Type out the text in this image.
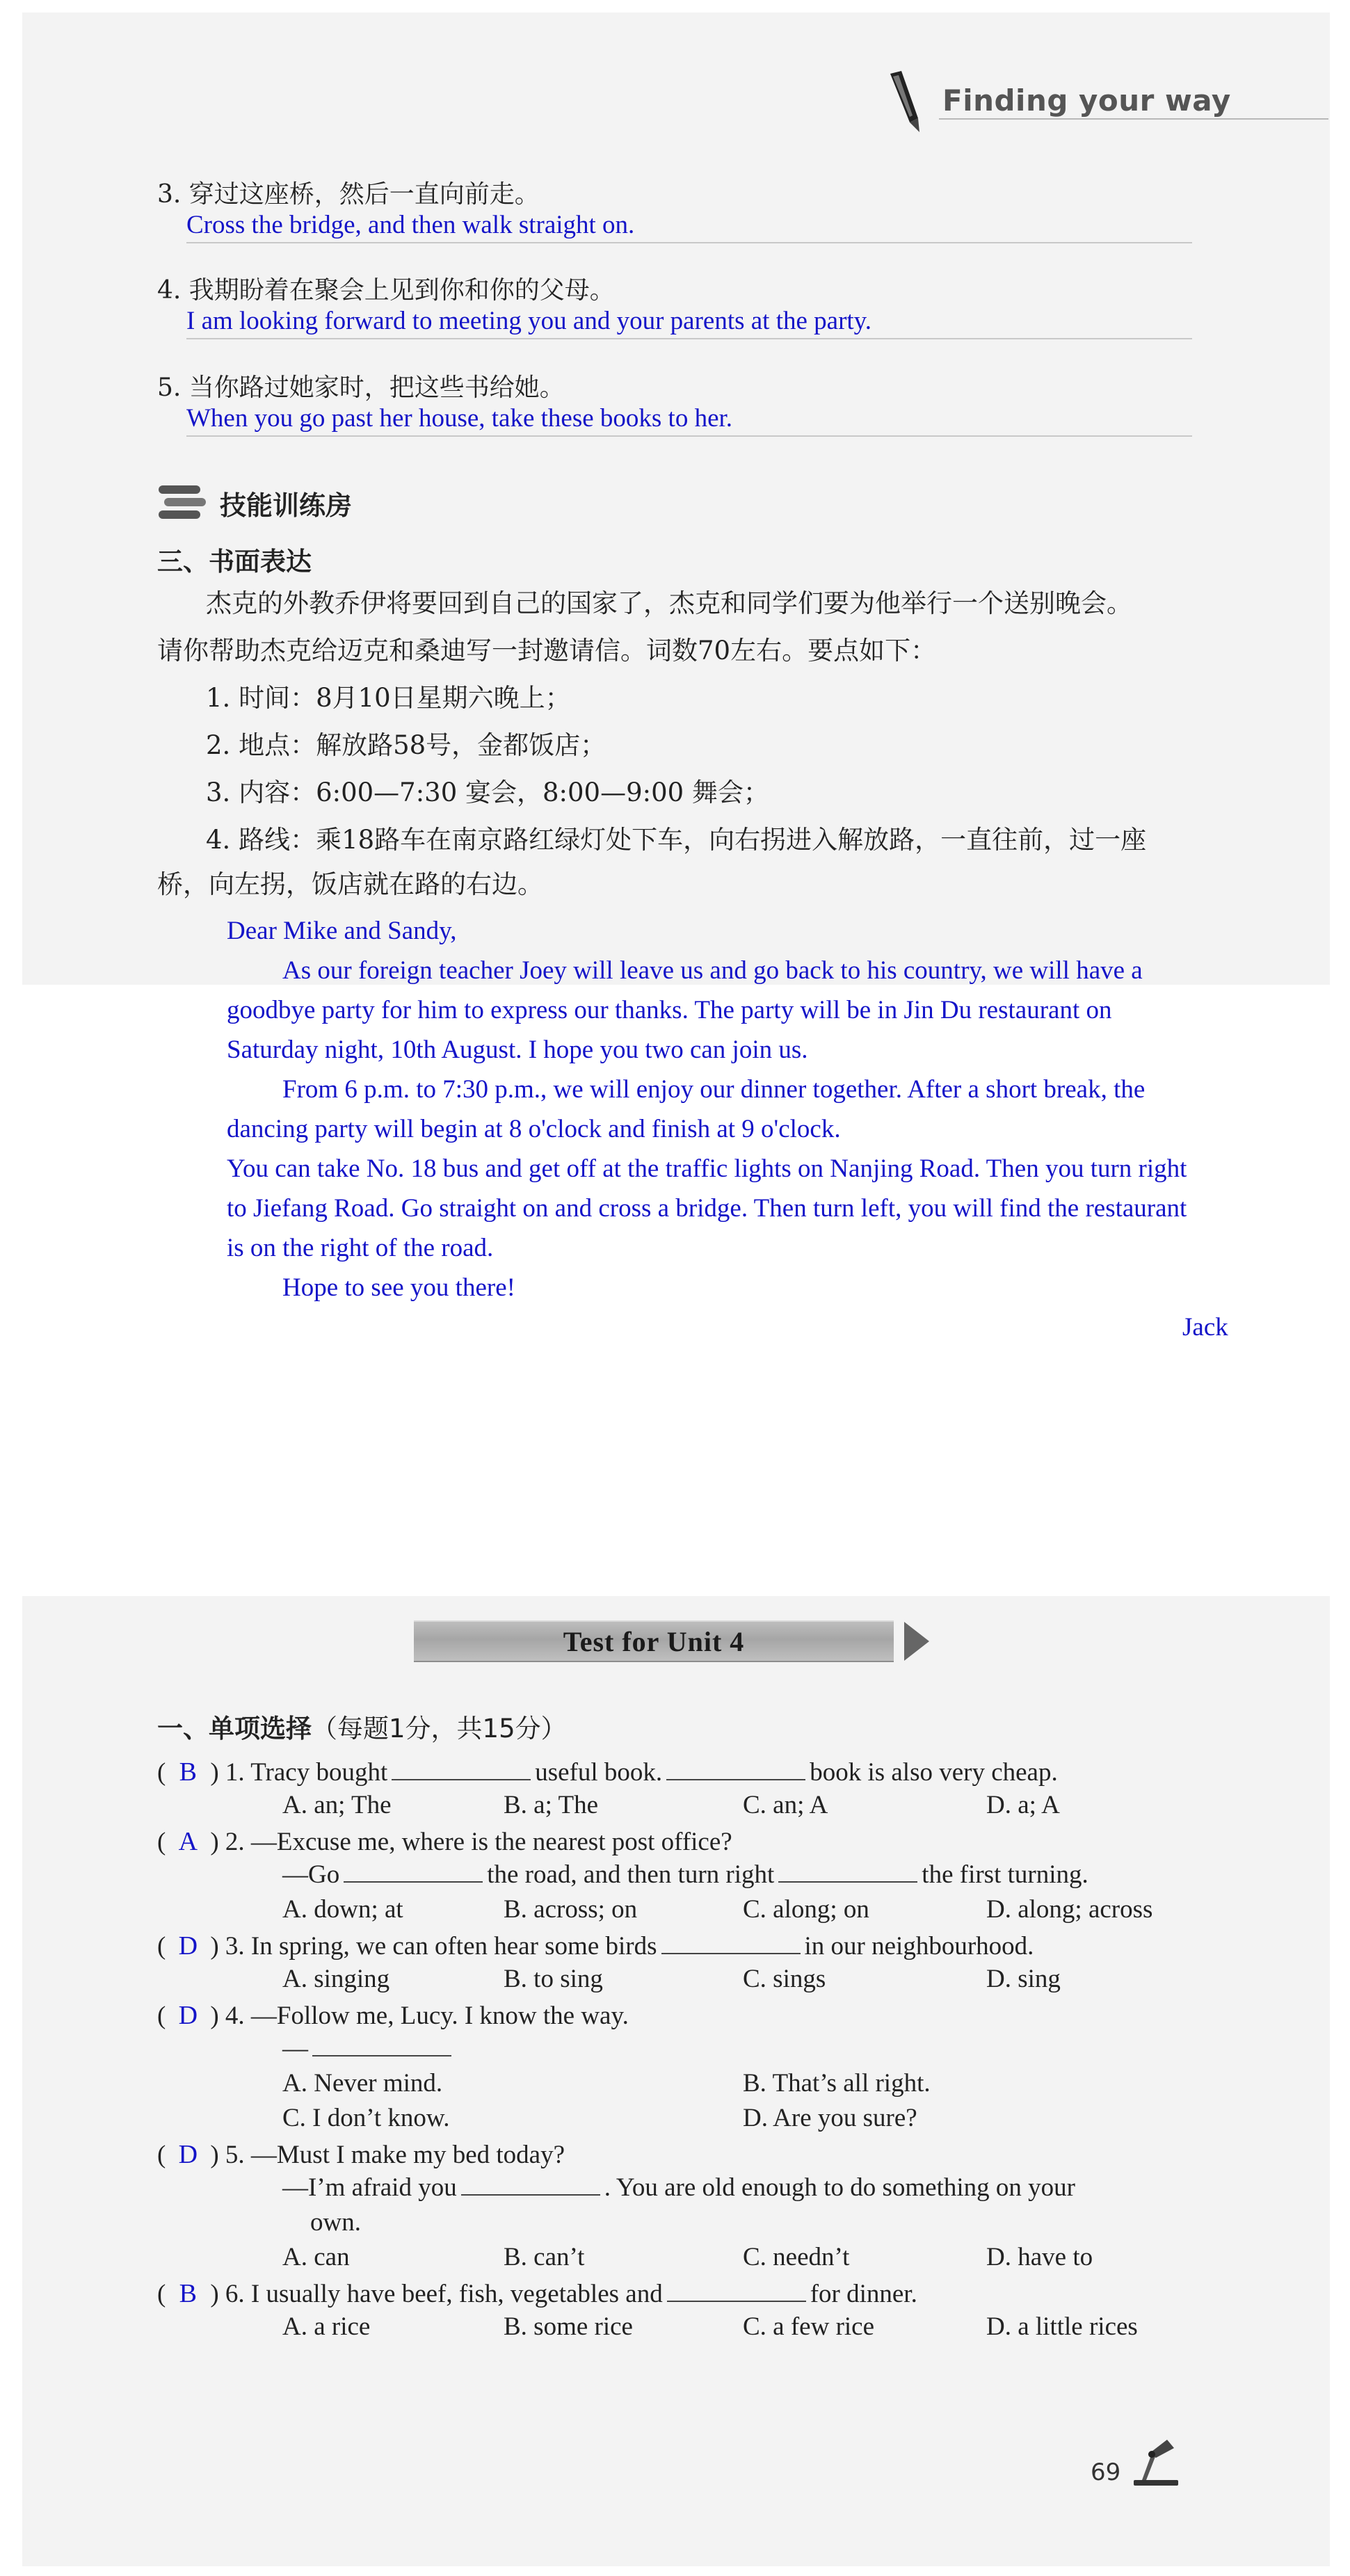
Finding your way
3. 穿过这座桥，然后一直向前走。
Cross the bridge, and then walk straight on.
4. 我期盼着在聚会上见到你和你的父母。
I am looking forward to meeting you and your parents at the party.
5. 当你路过她家时，把这些书给她。
When you go past her house, take these books to her.
技能训练房
三、书面表达
杰克的外教乔伊将要回到自己的国家了，杰克和同学们要为他举行一个送别晚会。
请你帮助杰克给迈克和桑迪写一封邀请信。词数70左右。要点如下：
1. 时间：8月10日星期六晚上；
2. 地点：解放路58号，金都饭店；
3. 内容：6:00—7:30 宴会，8:00—9:00 舞会；
4. 路线：乘18路车在南京路红绿灯处下车，向右拐进入解放路，一直往前，过一座
桥，向左拐，饭店就在路的右边。
Dear Mike and Sandy,
As our foreign teacher Joey will leave us and go back to his country, we will have a
goodbye party for him to express our thanks. The party will be in Jin Du restaurant on
Saturday night, 10th August. I hope you two can join us.
From 6 p.m. to 7:30 p.m., we will enjoy our dinner together. After a short break, the
dancing party will begin at 8 o'clock and finish at 9 o'clock.
You can take No. 18 bus and get off at the traffic lights on Nanjing Road. Then you turn right
to Jiefang Road. Go straight on and cross a bridge. Then turn left, you will find the restaurant
is on the right of the road.
Hope to see you there!
Jack
Test for Unit 4
一、单项选择（每题1分，共15分）
( B ) 1. Tracy bought	useful book.	book is also very cheap.
A. an; The	B. a; The	C. an; A	D. a; A
( A ) 2. —Excuse me, where is the nearest post office?
—Go	the road, and then turn right	the first turning.
A. down; at	B. across; on	C. along; on	D. along; across
( D ) 3. In spring, we can often hear some birds	in our neighbourhood.
A. singing	B. to sing	C. sings	D. sing
( D ) 4. —Follow me, Lucy. I know the way.
—
A. Never mind.	B. That’s all right.
C. I don’t know.	D. Are you sure?
( D ) 5. —Must I make my bed today?
—I’m afraid you	. You are old enough to do something on your
own.
A. can	B. can’t	C. needn’t	D. have to
( B ) 6. I usually have beef, fish, vegetables and	for dinner.
A. a rice	B. some rice	C. a few rice	D. a little rices
69
